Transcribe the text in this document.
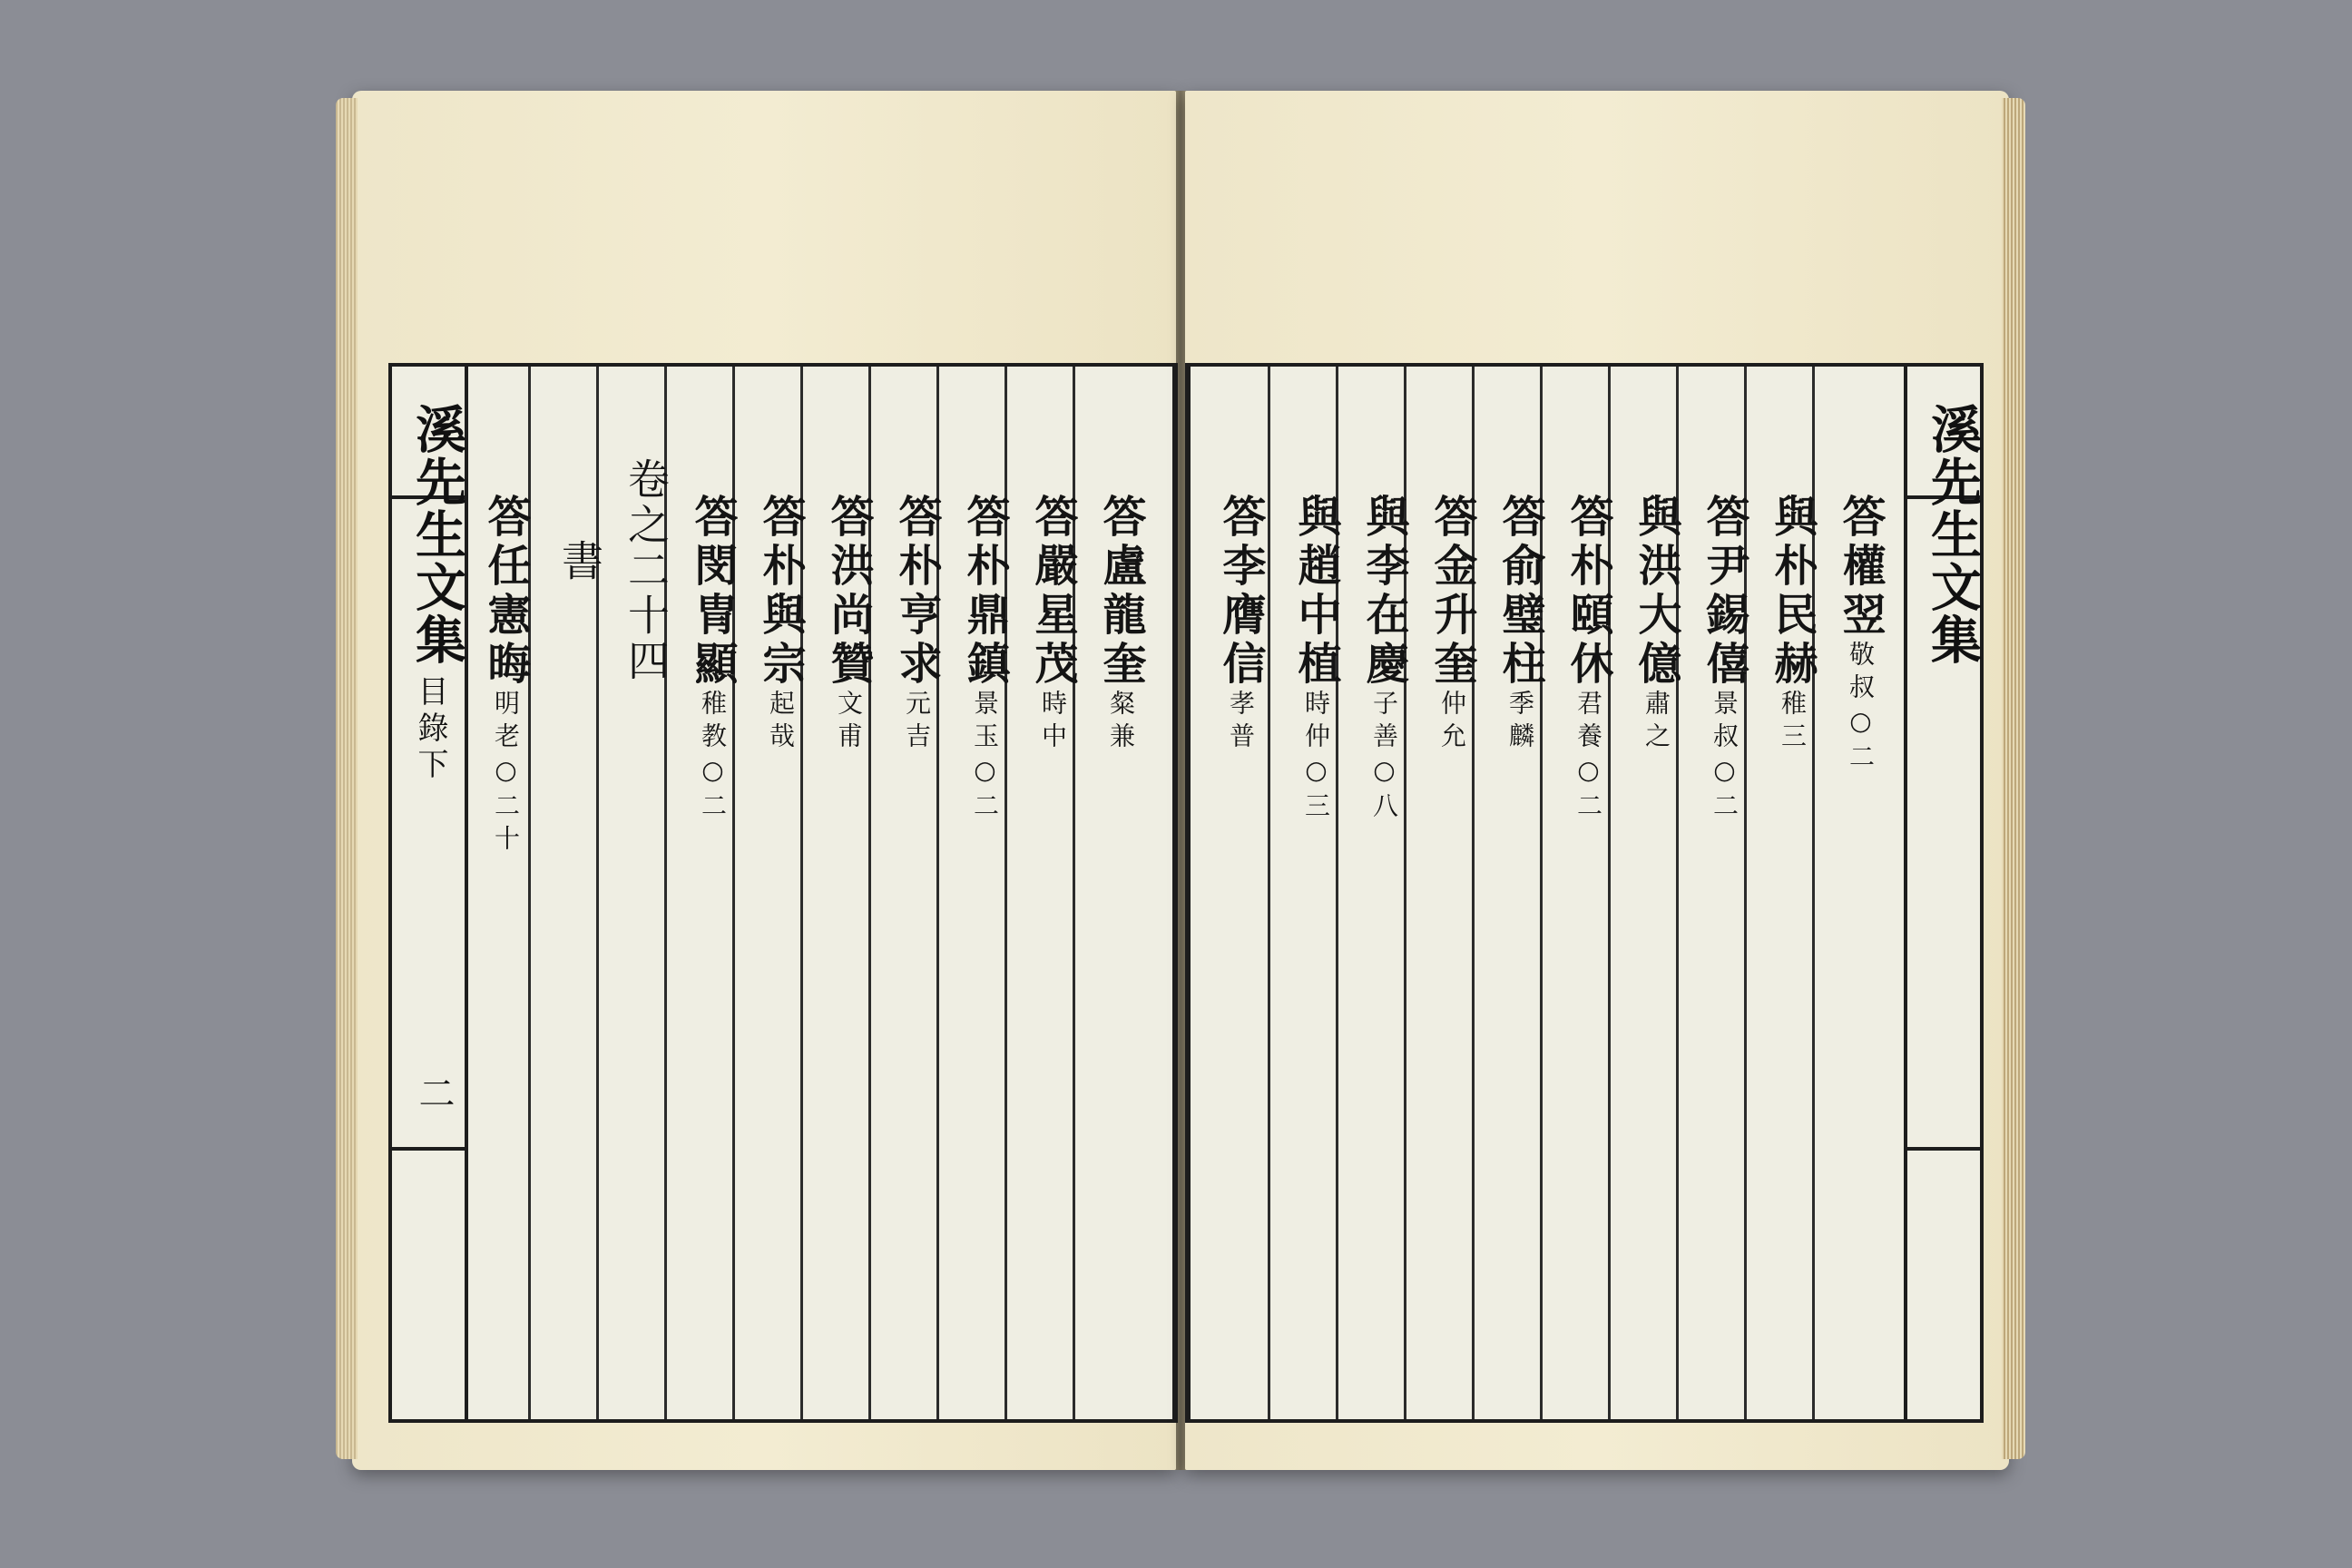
溪先生文集
目錄下
二
答盧龍奎粲兼
答嚴星茂時中
答朴鼎鎮景玉○二
答朴亨求元吉
答洪尚贊文甫
答朴與宗起哉
答閔冑顯稚教○二
卷之二十四
書
答任憲晦明老○二十
溪先生文集
答權翌敬叔○二
與朴民赫稚三
答尹錫僖景叔○二
與洪大億肅之
答朴頤休君養○二
答俞璧柱季麟
答金升奎仲允
與李在慶子善○八
與趙中植時仲○三
答李膺信孝普
